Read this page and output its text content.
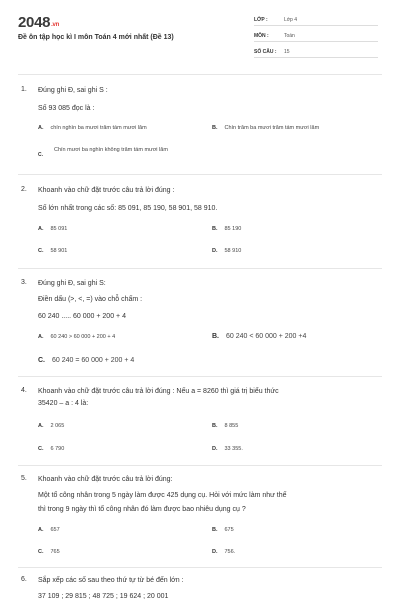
2048.vn
Đề ôn tập học kì I môn Toán 4 mới nhất (Đề 13)
LỚP :	Lớp 4
MÔN :	Toán
SỐ CÂU : 15
1. Đúng ghi Đ, sai ghi S :
Số 93 085 đọc là :
A. chín nghìn ba mươi trăm tám mươi lăm	B. Chín trăm ba mươi trăm tám mươi lăm
C.
Chín mươi ba nghìn không trăm tám mươi lăm
2. Khoanh vào chữ đặt trước câu trả lời đúng :
Số lớn nhất trong các số: 85 091, 85 190, 58 901, 58 910.
A. 85 091	B. 85 190
C. 58 901	D. 58 910
3. Đúng ghi Đ, sai ghi S:
Điền dấu (>, <, =) vào chỗ chấm :
60 240 ..... 60 000 + 200 + 4
A. 60 240 > 60 000 + 200 + 4	B. 60 240 < 60 000 + 200 +4
C. 60 240 = 60 000 + 200 + 4
4. Khoanh vào chữ đặt trước câu trả lời đúng : Nếu a = 8260 thì giá trị biểu thức
35420 – a : 4 là:
A. 2 065	B. 8 855
C. 6 790	D. 33 355.
5. Khoanh vào chữ đặt trước câu trả lời đúng:
Một tổ công nhân trong 5 ngày làm được 425 dụng cụ. Hỏi với mức làm như thế
thì trong 9 ngày thì tổ công nhân đó làm được bao nhiêu dụng cụ ?
A. 657	B. 675
C. 765	D. 756.
6. Sắp xếp các số sau theo thứ tự từ bé đến lớn :
37 109 ; 29 815 ; 48 725 ; 19 624 ; 20 001
